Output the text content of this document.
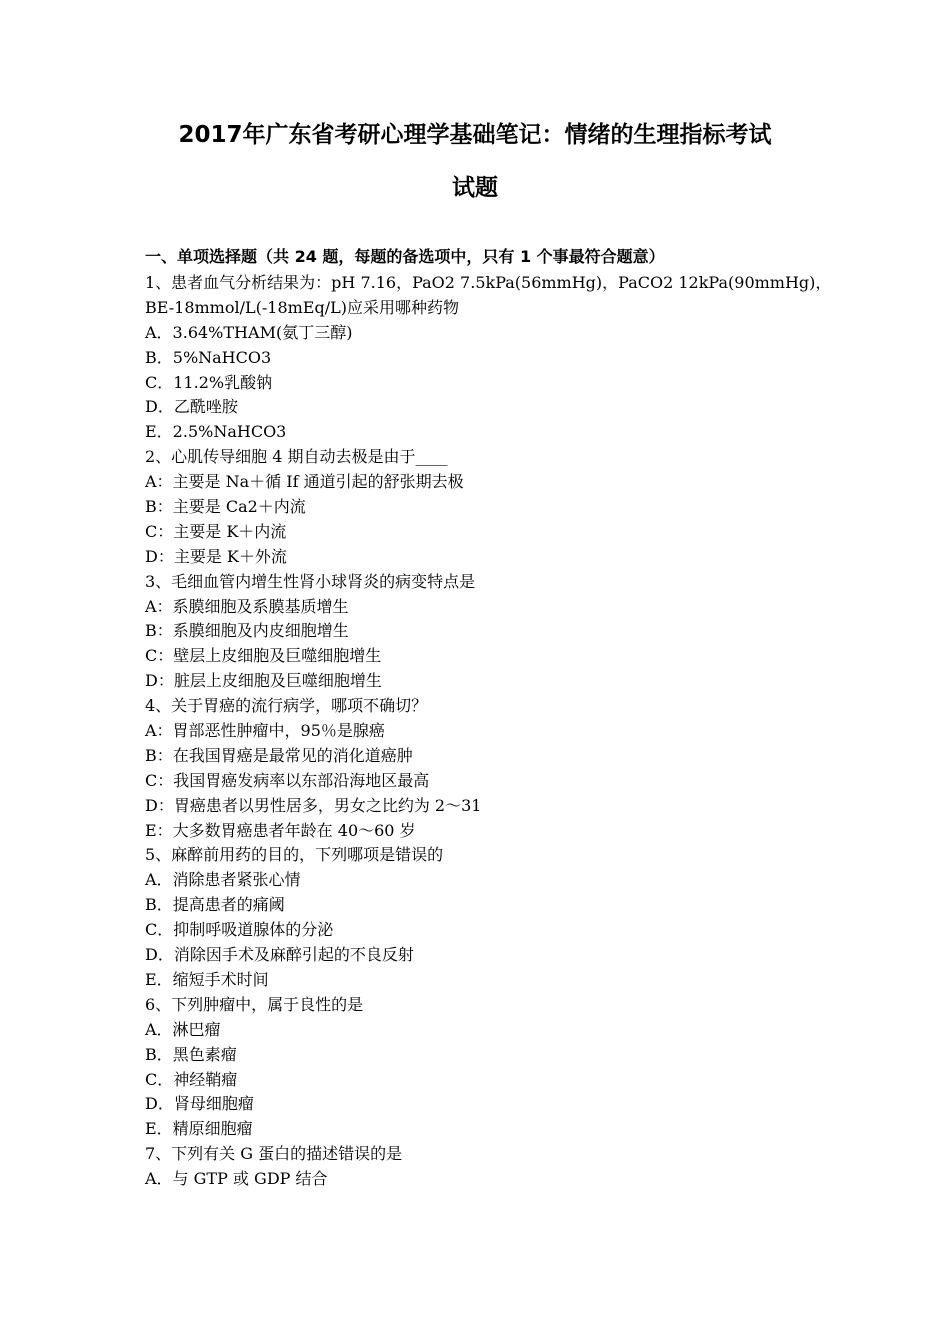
2017年广东省考研心理学基础笔记：情绪的生理指标考试
试题
一、单项选择题（共 24 题，每题的备选项中，只有 1 个事最符合题意）
1、患者血气分析结果为：pH 7.16，PaO2 7.5kPa(56mmHg)，PaCO2 12kPa(90mmHg)，
BE-18mmol/L(-18mEq/L)应采用哪种药物
A．3.64%THAM(氨丁三醇)
B．5%NaHCO3
C．11.2%乳酸钠
D．乙酰唑胺
E．2.5%NaHCO3
2、心肌传导细胞 4 期自动去极是由于____
A：主要是 Na＋循 If 通道引起的舒张期去极
B：主要是 Ca2＋内流
C：主要是 K＋内流
D：主要是 K＋外流
3、毛细血管内增生性肾小球肾炎的病变特点是
A：系膜细胞及系膜基质增生
B：系膜细胞及内皮细胞增生
C：壁层上皮细胞及巨噬细胞增生
D：脏层上皮细胞及巨噬细胞增生
4、关于胃癌的流行病学，哪项不确切？
A：胃部恶性肿瘤中，95％是腺癌
B：在我国胃癌是最常见的消化道癌肿
C：我国胃癌发病率以东部沿海地区最高
D：胃癌患者以男性居多，男女之比约为 2～31
E：大多数胃癌患者年龄在 40～60 岁
5、麻醉前用药的目的，下列哪项是错误的
A．消除患者紧张心情
B．提高患者的痛阈
C．抑制呼吸道腺体的分泌
D．消除因手术及麻醉引起的不良反射
E．缩短手术时间
6、下列肿瘤中，属于良性的是
A．淋巴瘤
B．黑色素瘤
C．神经鞘瘤
D．肾母细胞瘤
E．精原细胞瘤
7、下列有关 G 蛋白的描述错误的是
A．与 GTP 或 GDP 结合
